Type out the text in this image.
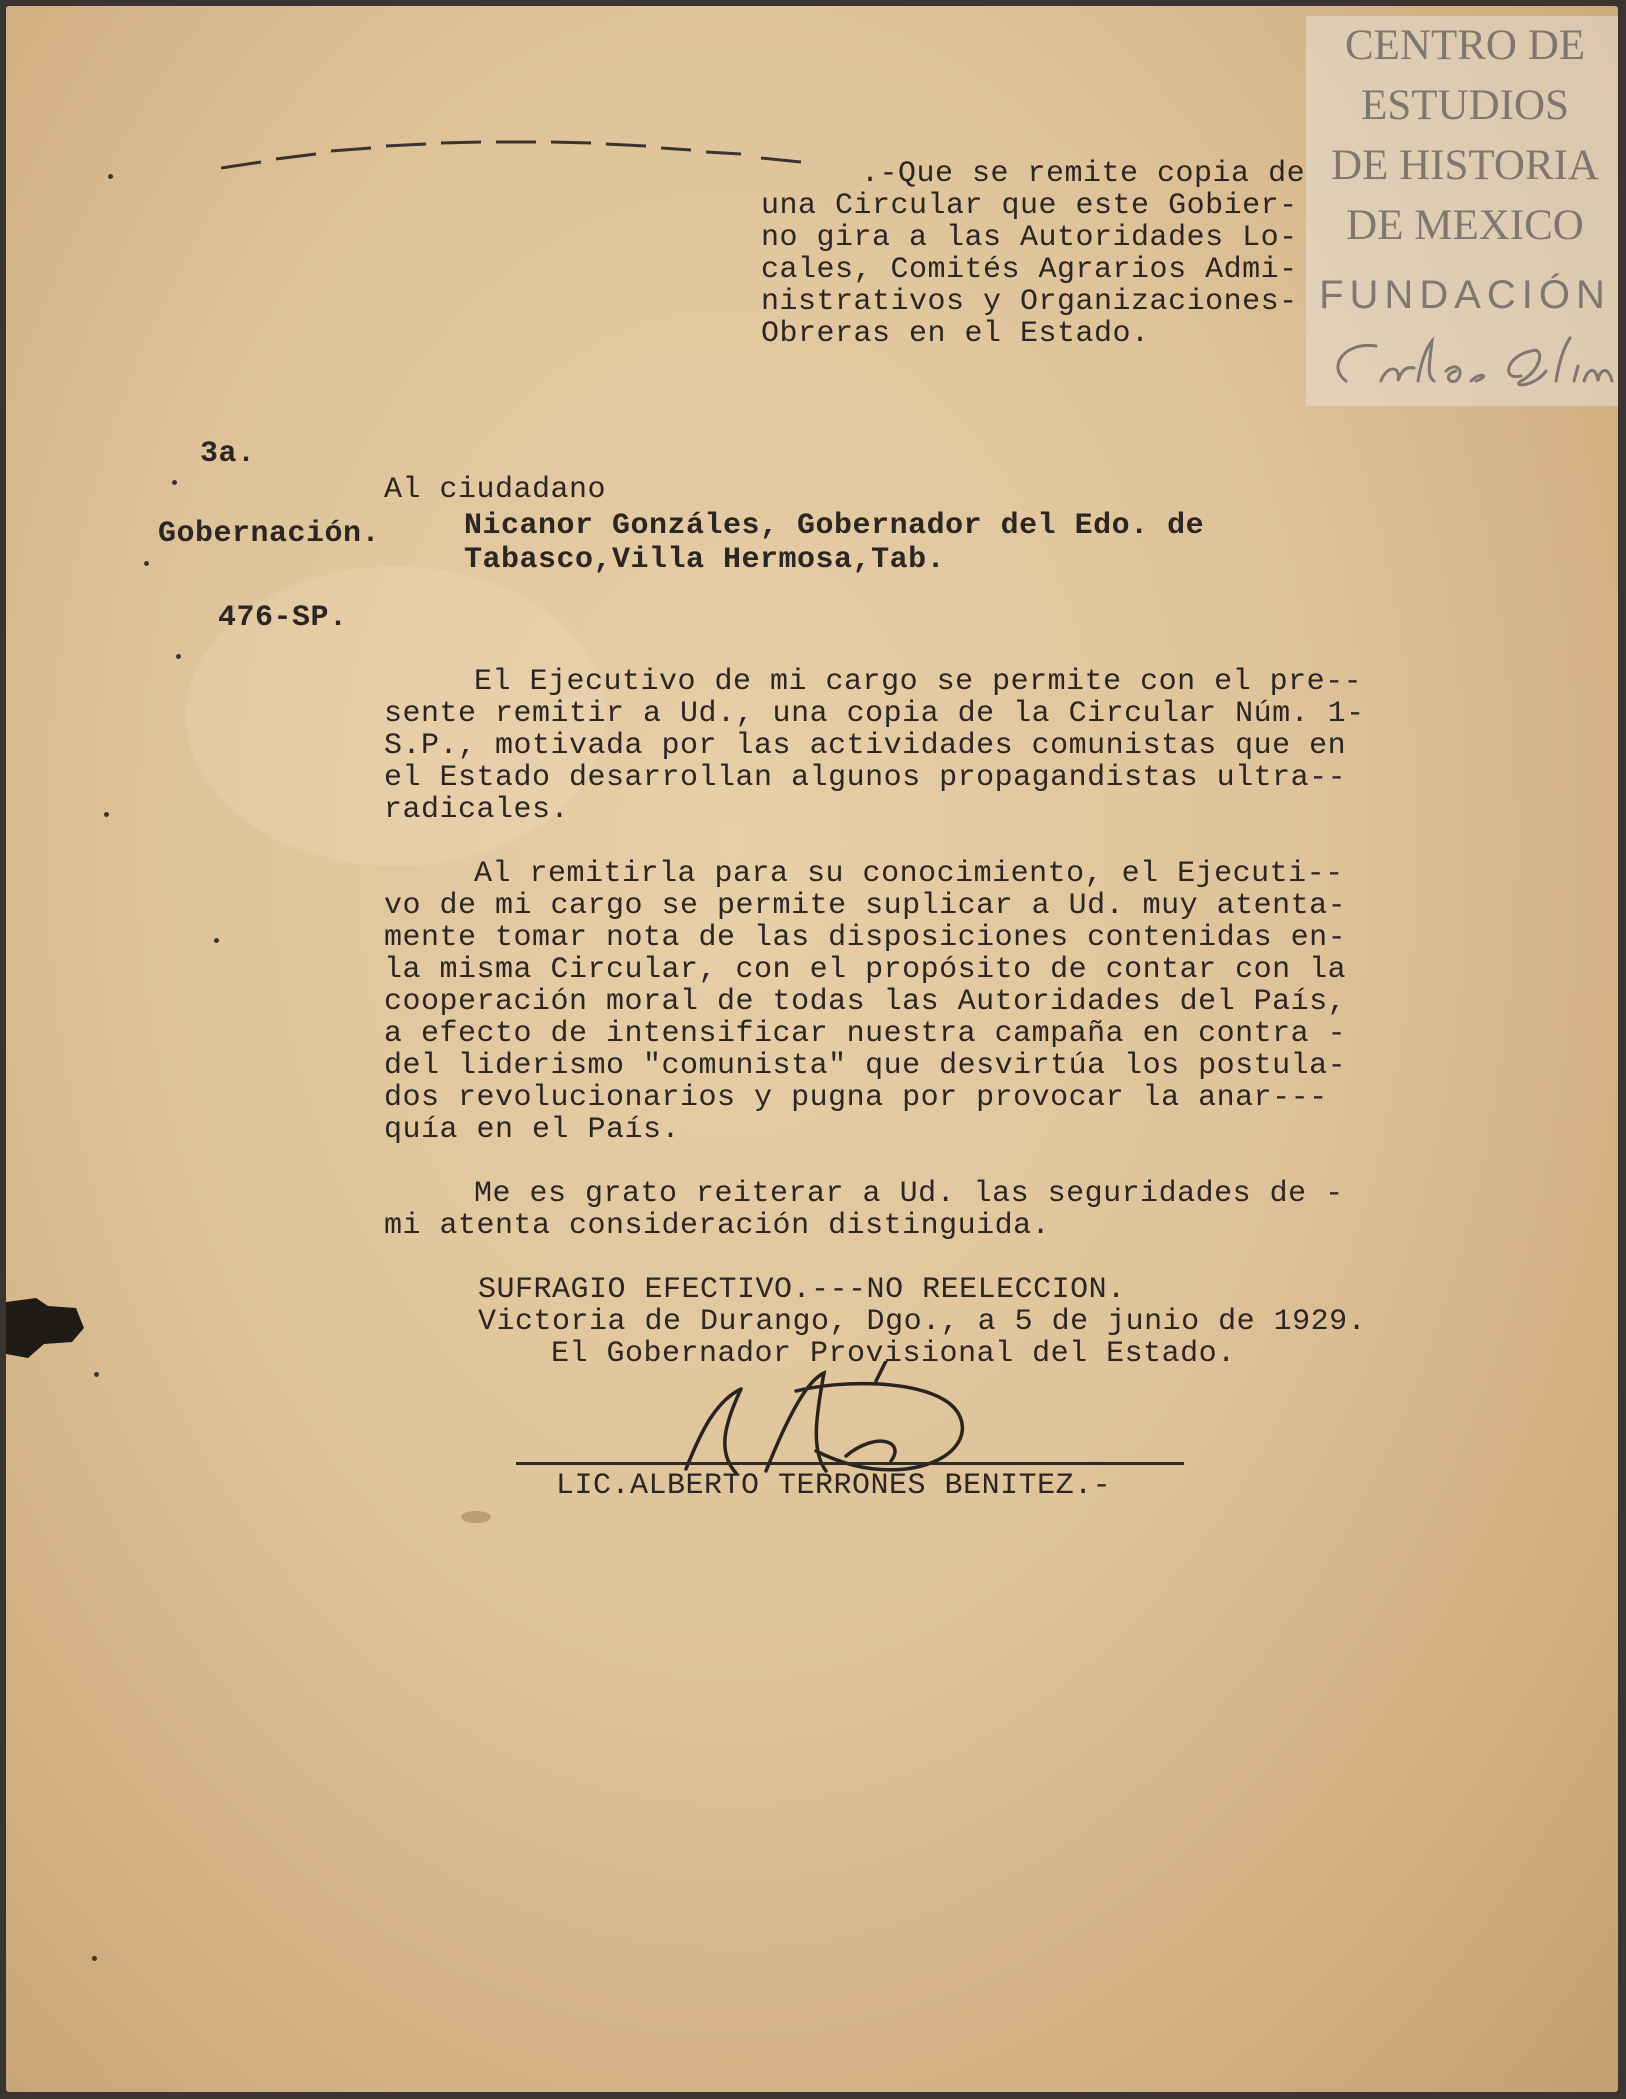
.-Que se remite copia de
una Circular que este Gobier-
no gira a las Autoridades Lo-
cales, Comités Agrarios Admi-
nistrativos y Organizaciones-
Obreras en el Estado.
3a.
Gobernación.
476-SP.
Al ciudadano
Nicanor Gonzáles, Gobernador del Edo. de
Tabasco,Villa Hermosa,Tab.
El Ejecutivo de mi cargo se permite con el pre--
sente remitir a Ud., una copia de la Circular Núm. 1-
S.P., motivada por las actividades comunistas que en
el Estado desarrollan algunos propagandistas ultra--
radicales.
Al remitirla para su conocimiento, el Ejecuti--
vo de mi cargo se permite suplicar a Ud. muy atenta-
mente tomar nota de las disposiciones contenidas en-
la misma Circular, con el propósito de contar con la
cooperación moral de todas las Autoridades del País,
a efecto de intensificar nuestra campaña en contra -
del liderismo "comunista" que desvirtúa los postula-
dos revolucionarios y pugna por provocar la anar---
quía en el País.
Me es grato reiterar a Ud. las seguridades de -
mi atenta consideración distinguida.
SUFRAGIO EFECTIVO.---NO REELECCION.
Victoria de Durango, Dgo., a 5 de junio de 1929.
El Gobernador Provisional del Estado.
LIC.ALBERTO TERRONES BENITEZ.-
CENTRO DE
ESTUDIOS
DE HISTORIA
DE MEXICO
FUNDACIÓN
